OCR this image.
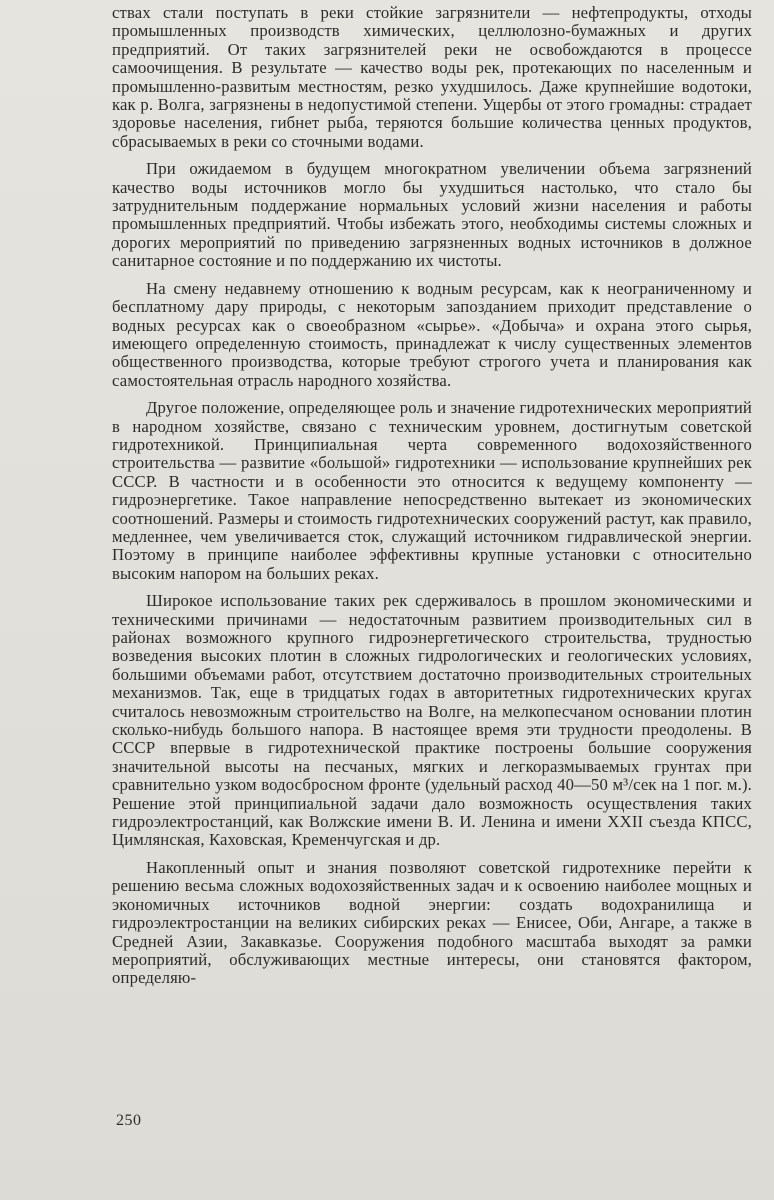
ствах стали поступать в реки стойкие загрязнители — нефтепродукты, отходы промышленных производств химических, целлюлозно-бумажных и других предприятий. От таких загрязнителей реки не освобождаются в процессе самоочищения. В результате — качество воды рек, протекающих по населенным и промышленно-развитым местностям, резко ухудшилось. Даже крупнейшие водотоки, как р. Волга, загрязнены в недопустимой степени. Ущербы от этого громадны: страдает здоровье населения, гибнет рыба, теряются большие количества ценных продуктов, сбрасываемых в реки со сточными водами.

При ожидаемом в будущем многократном увеличении объема загрязнений качество воды источников могло бы ухудшиться настолько, что стало бы затруднительным поддержание нормальных условий жизни населения и работы промышленных предприятий. Чтобы избежать этого, необходимы системы сложных и дорогих мероприятий по приведению загрязненных водных источников в должное санитарное состояние и по поддержанию их чистоты.

На смену недавнему отношению к водным ресурсам, как к неограниченному и бесплатному дару природы, с некоторым запозданием приходит представление о водных ресурсах как о своеобразном «сырье». «Добыча» и охрана этого сырья, имеющего определенную стоимость, принадлежат к числу существенных элементов общественного производства, которые требуют строгого учета и планирования как самостоятельная отрасль народного хозяйства.

Другое положение, определяющее роль и значение гидротехнических мероприятий в народном хозяйстве, связано с техническим уровнем, достигнутым советской гидротехникой. Принципиальная черта современного водохозяйственного строительства — развитие «большой» гидротехники — использование крупнейших рек СССР. В частности и в особенности это относится к ведущему компоненту — гидроэнергетике. Такое направление непосредственно вытекает из экономических соотношений. Размеры и стоимость гидротехнических сооружений растут, как правило, медленнее, чем увеличивается сток, служащий источником гидравлической энергии. Поэтому в принципе наиболее эффективны крупные установки с относительно высоким напором на больших реках.

Широкое использование таких рек сдерживалось в прошлом экономическими и техническими причинами — недостаточным развитием производительных сил в районах возможного крупного гидроэнергетического строительства, трудностью возведения высоких плотин в сложных гидрологических и геологических условиях, большими объемами работ, отсутствием достаточно производительных строительных механизмов. Так, еще в тридцатых годах в авторитетных гидротехнических кругах считалось невозможным строительство на Волге, на мелкопесчаном основании плотин сколько-нибудь большого напора. В настоящее время эти трудности преодолены. В СССР впервые в гидротехнической практике построены большие сооружения значительной высоты на песчаных, мягких и легкоразмываемых грунтах при сравнительно узком водосбросном фронте (удельный расход 40—50 м³/сек на 1 пог. м.). Решение этой принципиальной задачи дало возможность осуществления таких гидроэлектростанций, как Волжские имени В. И. Ленина и имени XXII съезда КПСС, Цимлянская, Каховская, Кременчугская и др.

Накопленный опыт и знания позволяют советской гидротехнике перейти к решению весьма сложных водохозяйственных задач и к освоению наиболее мощных и экономичных источников водной энергии: создать водохранилища и гидроэлектростанции на великих сибирских реках — Енисее, Оби, Ангаре, а также в Средней Азии, Закавказье. Сооружения подобного масштаба выходят за рамки мероприятий, обслуживающих местные интересы, они становятся фактором, определяю-

250
